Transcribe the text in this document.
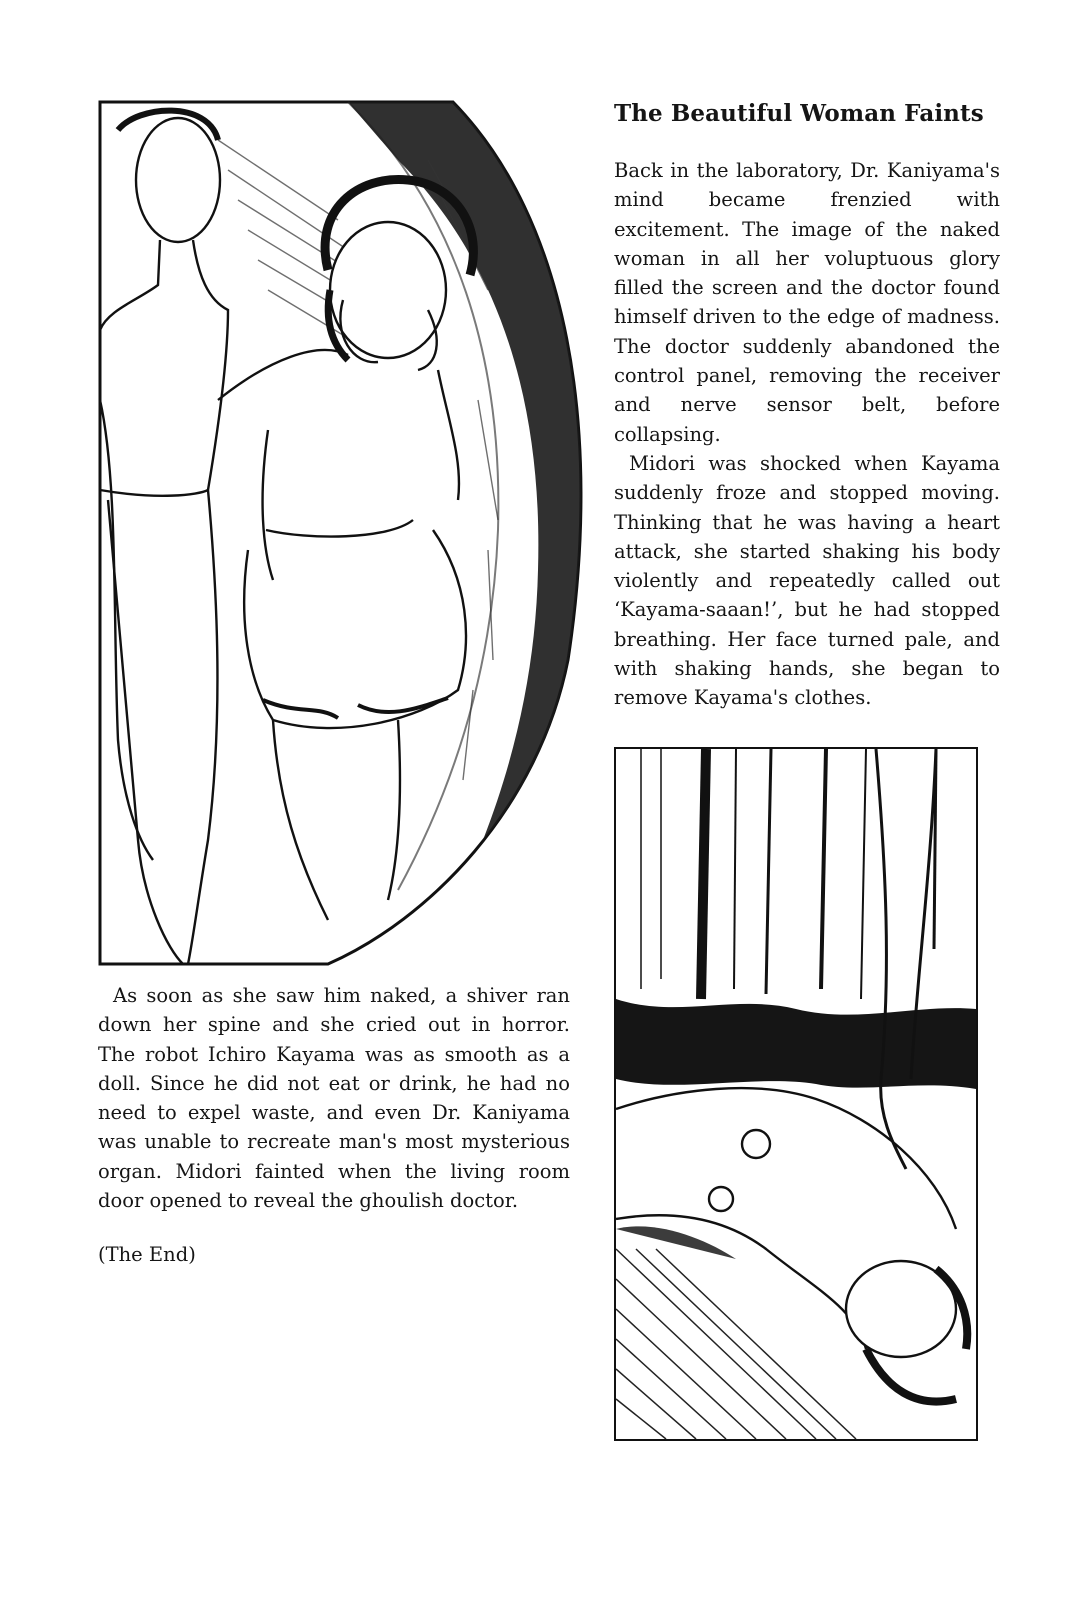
The Beautiful Woman Faints

Back in the laboratory, Dr. Kaniyama's mind became frenzied with excitement. The image of the naked woman in all her voluptuous glory filled the screen and the doctor found himself driven to the edge of madness. The doctor suddenly abandoned the control panel, removing the receiver and nerve sensor belt, before collapsing.

Midori was shocked when Kayama suddenly froze and stopped moving. Thinking that he was having a heart attack, she started shaking his body violently and repeatedly called out ‘Kayama-saaan!’, but he had stopped breathing. Her face turned pale, and with shaking hands, she began to remove Kayama's clothes.

As soon as she saw him naked, a shiver ran down her spine and she cried out in horror. The robot Ichiro Kayama was as smooth as a doll. Since he did not eat or drink, he had no need to expel waste, and even Dr. Kaniyama was unable to recreate man's most mysterious organ. Midori fainted when the living room door opened to reveal the ghoulish doctor.

(The End)
